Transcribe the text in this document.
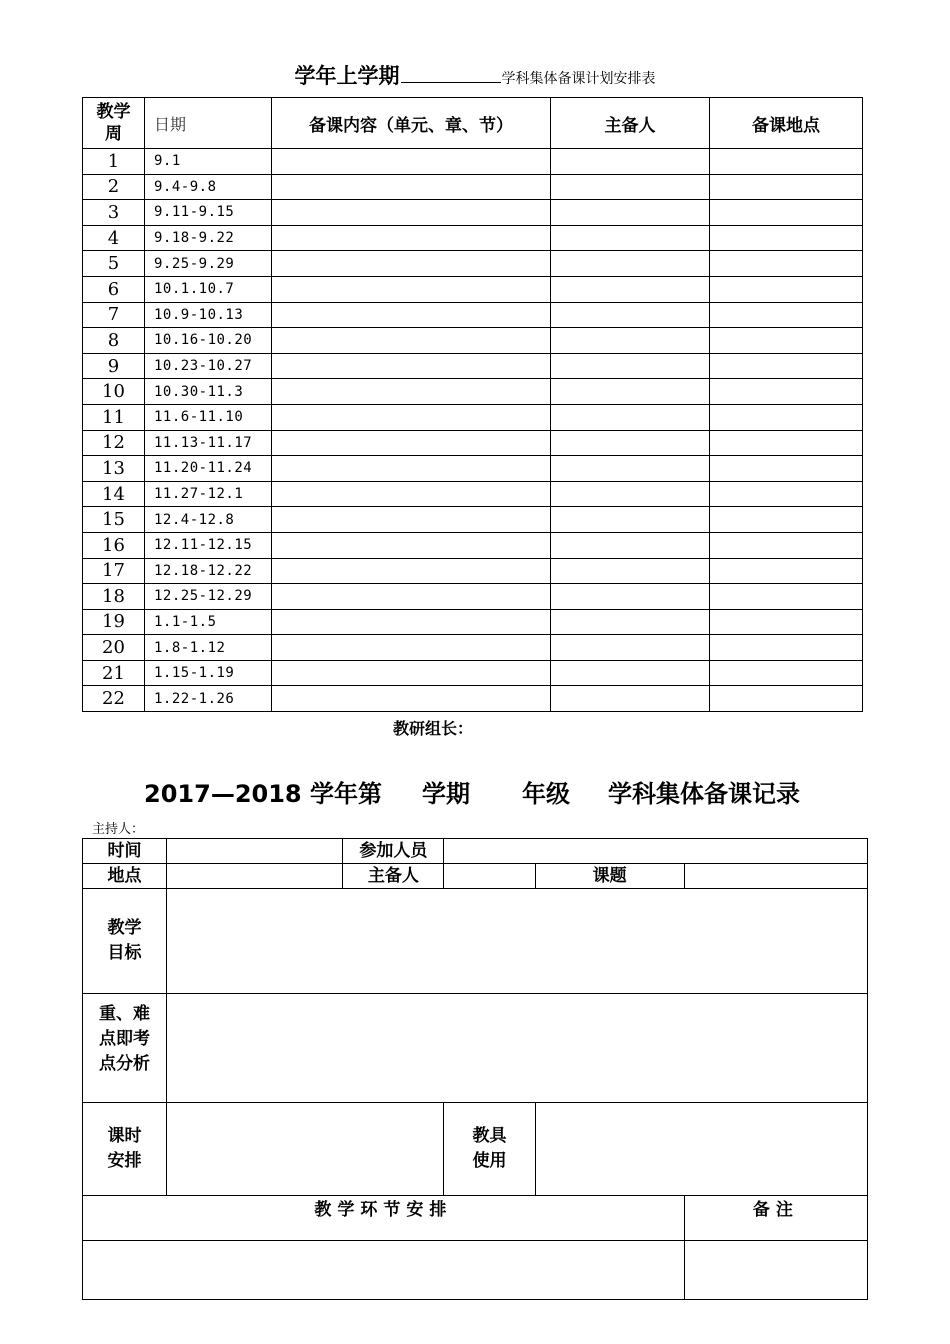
学年上学期	学科集体备课计划安排表
教学周	日期	备课内容（单元、章、节）	主备人	备课地点
1	9.1			
2	9.4-9.8			
3	9.11-9.15			
4	9.18-9.22			
5	9.25-9.29			
6	10.1.10.7			
7	10.9-10.13			
8	10.16-10.20			
9	10.23-10.27			
10	10.30-11.3			
11	11.6-11.10			
12	11.13-11.17			
13	11.20-11.24			
14	11.27-12.1			
15	12.4-12.8			
16	12.11-12.15			
17	12.18-12.22			
18	12.25-12.29			
19	1.1-1.5			
20	1.8-1.12			
21	1.15-1.19			
22	1.22-1.26			
教研组长：
2017—2018 学年第 学期 年级 学科集体备课记录
主持人：
时间		参加人员			
地点		主备人		课题	
教学目标					
重、难点即考点分析					
课时安排			教具使用		
教学环节安排					备注
